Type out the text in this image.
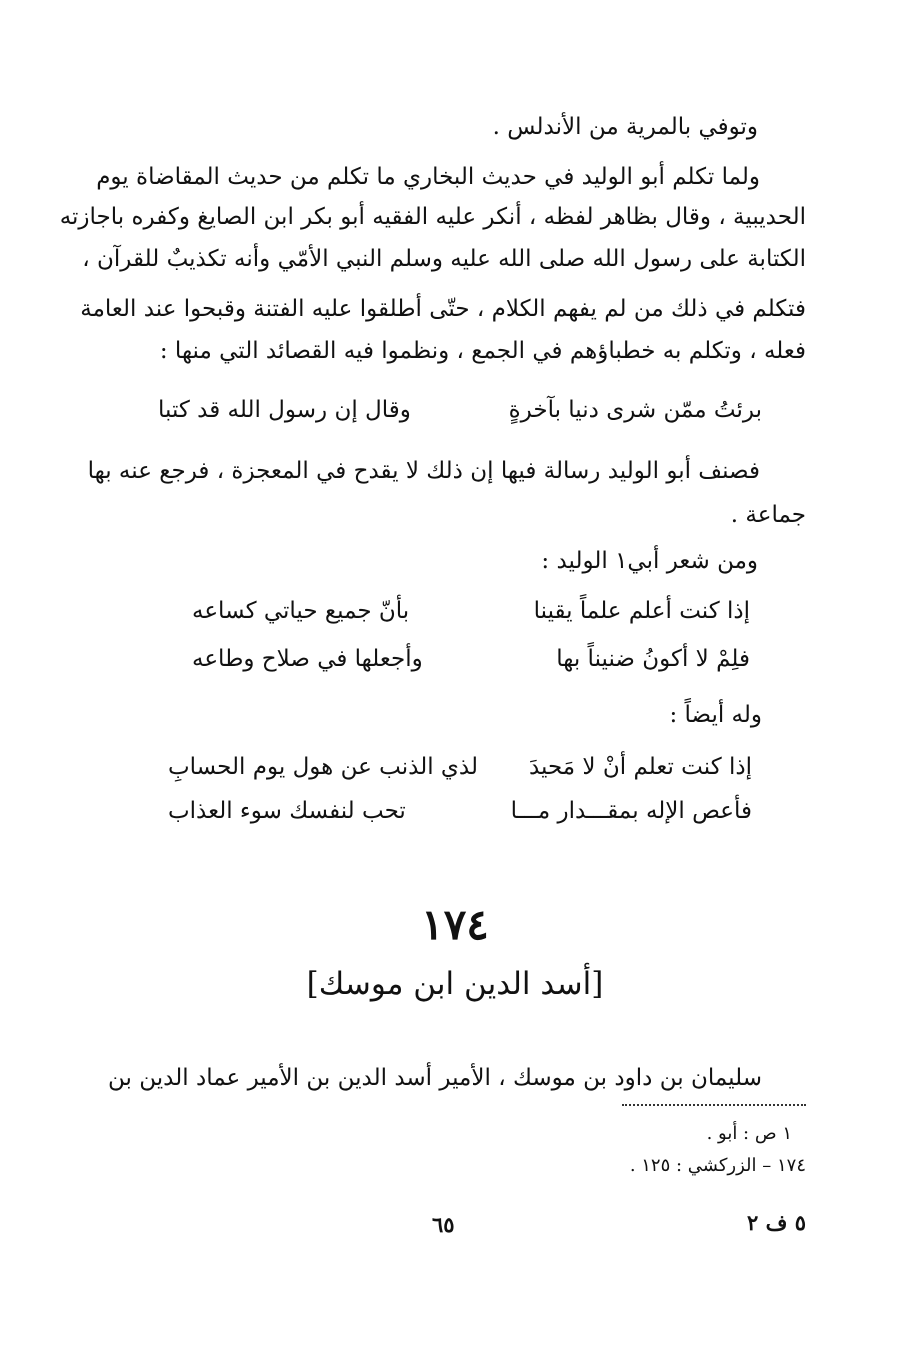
وتوفي بالمرية من الأندلس .
ولما تكلم أبو الوليد في حديث البخاري ما تكلم من حديث المقاضاة يوم
الحديبية ، وقال بظاهر لفظه ، أنكر عليه الفقيه أبو بكر ابن الصايغ وكفره باجازته
الكتابة على رسول الله صلى الله عليه وسلم النبي الأمّي وأنه تكذيبٌ للقرآن ،
فتكلم في ذلك من لم يفهم الكلام ، حتّى أطلقوا عليه الفتنة وقبحوا عند العامة
فعله ، وتكلم به خطباؤهم في الجمع ، ونظموا فيه القصائد التي منها :
برئتُ ممّن شرى دنيا بآخرةٍ
وقال إن رسول الله قد كتبا
فصنف أبو الوليد رسالة فيها إن ذلك لا يقدح في المعجزة ، فرجع عنه بها
جماعة .
ومن شعر أبي١ الوليد :
إذا كنت أعلم علماً يقينا
بأنّ جميع حياتي كساعه
فلِمْ لا أكونُ ضنيناً بها
وأجعلها في صلاح وطاعه
وله أيضاً :
إذا كنت تعلم أنْ لا مَحيدَ
لذي الذنب عن هول يوم الحسابِ
فأعص الإله بمقـــدار مـــا
تحب لنفسك سوء العذاب
١٧٤
[أسد الدين ابن موسك]
سليمان بن داود بن موسك ، الأمير أسد الدين بن الأمير عماد الدين بن
١ ص : أبو .
١٧٤ – الزركشي : ١٢٥ .
٦٥	٥ ف ٢
